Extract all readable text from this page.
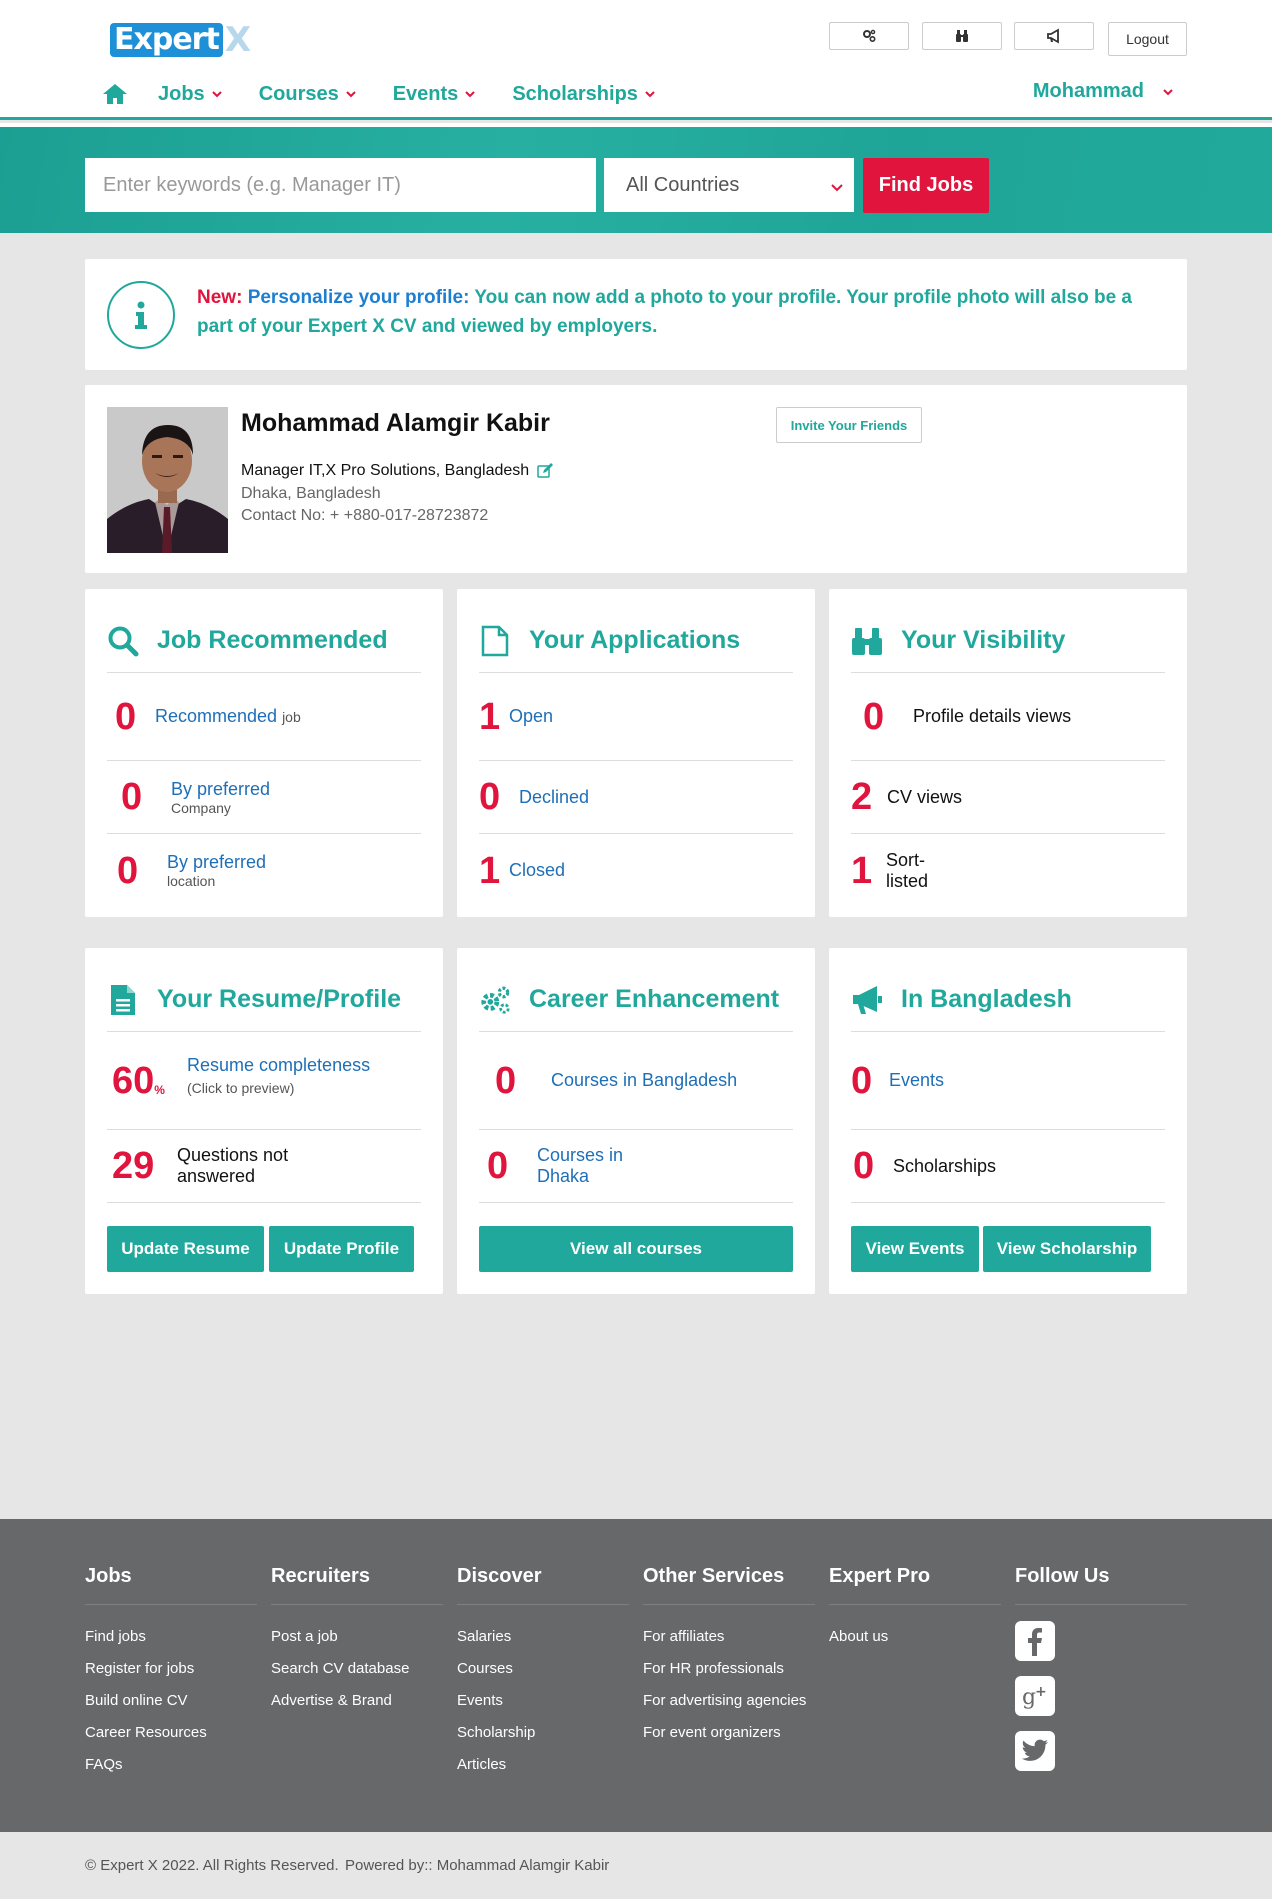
Expert X	Logout
Jobs	Courses	Events	Scholarships	Mohammad
Enter keywords (e.g. Manager IT)
All Countries	Find Jobs
New: Personalize your profile: You can now add a photo to your profile. Your profile photo will also be a part of your Expert X CV and viewed by employers.
Mohammad Alamgir Kabir
Manager IT,X Pro Solutions, Bangladesh
Dhaka, Bangladesh
Contact No: + +880-017-28723872
Invite Your Friends
Job Recommended
0	Recommended job
0	By preferred
Company
0	By preferred
location
Your Applications
1 Open
0	Declined
1 Closed
Your Visibility
0	Profile details views
2 CV views
1 Sort-
listed
Your Resume/Profile
60 %
Resume completeness
(Click to preview)
29	Questions not
answered
Update Resume	Update Profile
Career Enhancement
0	Courses in Bangladesh
0	Courses in
Dhaka
View all courses
In Bangladesh
0 Events
0	Scholarships
View Events	View Scholarship
Jobs
Find jobs
Register for jobs
Build online CV
Career Resources
FAQs
Recruiters
Post a job
Search CV database
Advertise & Brand
Discover
Salaries
Courses
Events
Scholarship
Articles
Other Services
For affiliates
For HR professionals
For advertising agencies
For event organizers
Expert Pro
About us
Follow Us
g
+
© Expert X 2022. All Rights Reserved. Powered by:: Mohammad Alamgir Kabir
